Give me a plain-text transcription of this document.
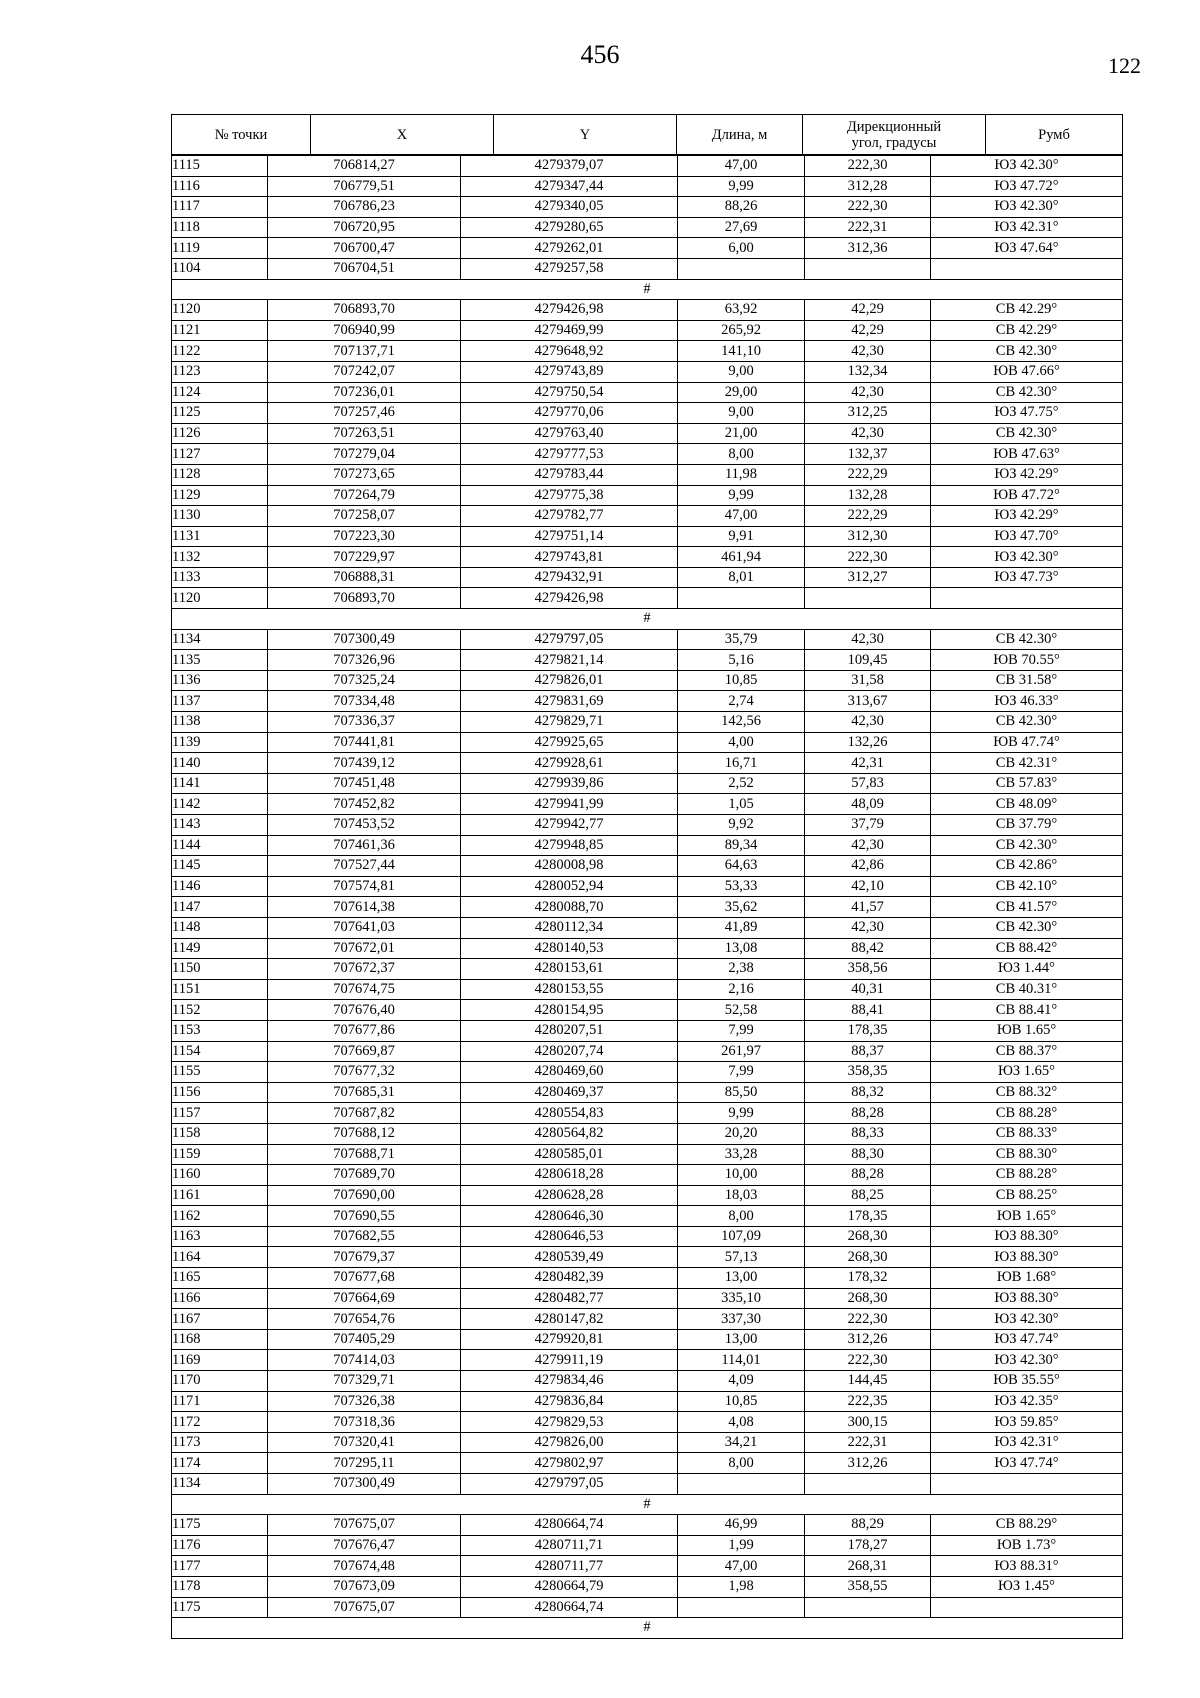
456	122
№ точки	X	Y	Длина, м	Дирекционный
угол, градусы	Румб
1115	706814,27	4279379,07	47,00	222,30	ЮЗ 42.30°
1116	706779,51	4279347,44	9,99	312,28	ЮЗ 47.72°
1117	706786,23	4279340,05	88,26	222,30	ЮЗ 42.30°
1118	706720,95	4279280,65	27,69	222,31	ЮЗ 42.31°
1119	706700,47	4279262,01	6,00	312,36	ЮЗ 47.64°
1104	706704,51	4279257,58			
#					
1120	706893,70	4279426,98	63,92	42,29	СВ 42.29°
1121	706940,99	4279469,99	265,92	42,29	СВ 42.29°
1122	707137,71	4279648,92	141,10	42,30	СВ 42.30°
1123	707242,07	4279743,89	9,00	132,34	ЮВ 47.66°
1124	707236,01	4279750,54	29,00	42,30	СВ 42.30°
1125	707257,46	4279770,06	9,00	312,25	ЮЗ 47.75°
1126	707263,51	4279763,40	21,00	42,30	СВ 42.30°
1127	707279,04	4279777,53	8,00	132,37	ЮВ 47.63°
1128	707273,65	4279783,44	11,98	222,29	ЮЗ 42.29°
1129	707264,79	4279775,38	9,99	132,28	ЮВ 47.72°
1130	707258,07	4279782,77	47,00	222,29	ЮЗ 42.29°
1131	707223,30	4279751,14	9,91	312,30	ЮЗ 47.70°
1132	707229,97	4279743,81	461,94	222,30	ЮЗ 42.30°
1133	706888,31	4279432,91	8,01	312,27	ЮЗ 47.73°
1120	706893,70	4279426,98			
#					
1134	707300,49	4279797,05	35,79	42,30	СВ 42.30°
1135	707326,96	4279821,14	5,16	109,45	ЮВ 70.55°
1136	707325,24	4279826,01	10,85	31,58	СВ 31.58°
1137	707334,48	4279831,69	2,74	313,67	ЮЗ 46.33°
1138	707336,37	4279829,71	142,56	42,30	СВ 42.30°
1139	707441,81	4279925,65	4,00	132,26	ЮВ 47.74°
1140	707439,12	4279928,61	16,71	42,31	СВ 42.31°
1141	707451,48	4279939,86	2,52	57,83	СВ 57.83°
1142	707452,82	4279941,99	1,05	48,09	СВ 48.09°
1143	707453,52	4279942,77	9,92	37,79	СВ 37.79°
1144	707461,36	4279948,85	89,34	42,30	СВ 42.30°
1145	707527,44	4280008,98	64,63	42,86	СВ 42.86°
1146	707574,81	4280052,94	53,33	42,10	СВ 42.10°
1147	707614,38	4280088,70	35,62	41,57	СВ 41.57°
1148	707641,03	4280112,34	41,89	42,30	СВ 42.30°
1149	707672,01	4280140,53	13,08	88,42	СВ 88.42°
1150	707672,37	4280153,61	2,38	358,56	ЮЗ 1.44°
1151	707674,75	4280153,55	2,16	40,31	СВ 40.31°
1152	707676,40	4280154,95	52,58	88,41	СВ 88.41°
1153	707677,86	4280207,51	7,99	178,35	ЮВ 1.65°
1154	707669,87	4280207,74	261,97	88,37	СВ 88.37°
1155	707677,32	4280469,60	7,99	358,35	ЮЗ 1.65°
1156	707685,31	4280469,37	85,50	88,32	СВ 88.32°
1157	707687,82	4280554,83	9,99	88,28	СВ 88.28°
1158	707688,12	4280564,82	20,20	88,33	СВ 88.33°
1159	707688,71	4280585,01	33,28	88,30	СВ 88.30°
1160	707689,70	4280618,28	10,00	88,28	СВ 88.28°
1161	707690,00	4280628,28	18,03	88,25	СВ 88.25°
1162	707690,55	4280646,30	8,00	178,35	ЮВ 1.65°
1163	707682,55	4280646,53	107,09	268,30	ЮЗ 88.30°
1164	707679,37	4280539,49	57,13	268,30	ЮЗ 88.30°
1165	707677,68	4280482,39	13,00	178,32	ЮВ 1.68°
1166	707664,69	4280482,77	335,10	268,30	ЮЗ 88.30°
1167	707654,76	4280147,82	337,30	222,30	ЮЗ 42.30°
1168	707405,29	4279920,81	13,00	312,26	ЮЗ 47.74°
1169	707414,03	4279911,19	114,01	222,30	ЮЗ 42.30°
1170	707329,71	4279834,46	4,09	144,45	ЮВ 35.55°
1171	707326,38	4279836,84	10,85	222,35	ЮЗ 42.35°
1172	707318,36	4279829,53	4,08	300,15	ЮЗ 59.85°
1173	707320,41	4279826,00	34,21	222,31	ЮЗ 42.31°
1174	707295,11	4279802,97	8,00	312,26	ЮЗ 47.74°
1134	707300,49	4279797,05			
#					
1175	707675,07	4280664,74	46,99	88,29	СВ 88.29°
1176	707676,47	4280711,71	1,99	178,27	ЮВ 1.73°
1177	707674,48	4280711,77	47,00	268,31	ЮЗ 88.31°
1178	707673,09	4280664,79	1,98	358,55	ЮЗ 1.45°
1175	707675,07	4280664,74			
#					
